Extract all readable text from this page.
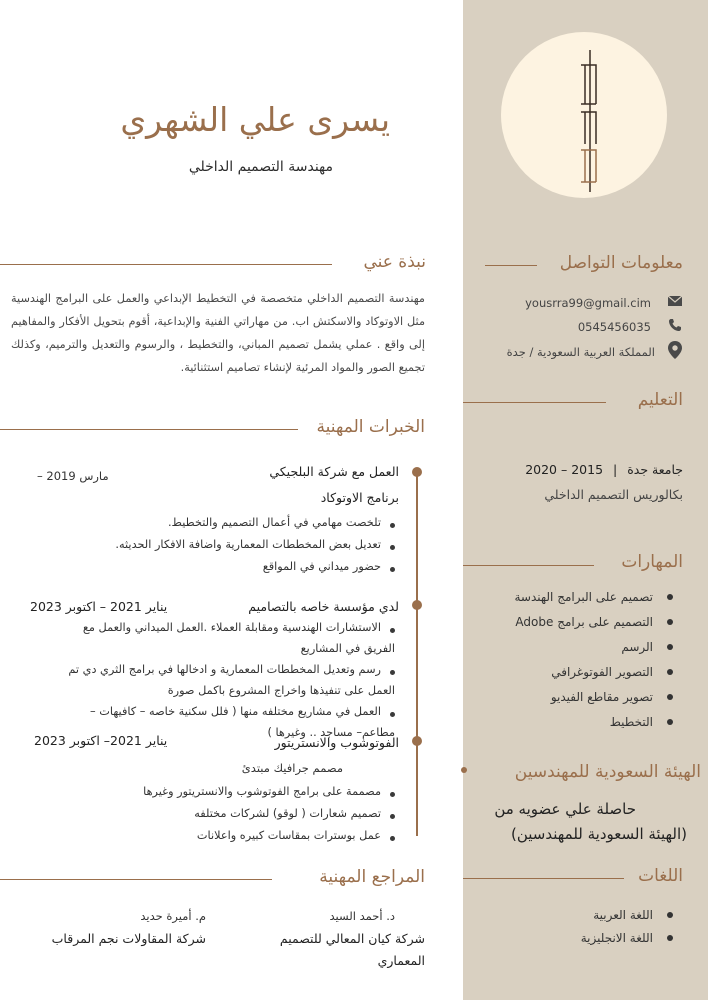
يسرى علي الشهري
مهندسة التصميم الداخلي
نبذة عني
مهندسة التصميم الداخلي متخصصة في التخطيط الإبداعي والعمل على البرامج الهندسية مثل الاوتوكاد والاسكتش اب. من مهاراتي الفنية والإبداعية، أقوم بتحويل الأفكار والمفاهيم إلى واقع . عملي يشمل تصميم المباني، والتخطيط ، والرسوم والتعديل والترميم، وكذلك تجميع الصور والمواد المرئية لإنشاء تصاميم استثنائية.
الخبرات المهنية
العمل مع شركة البلجيكي
مارس 2019 –
برنامج الاوتوكاد
تلخصت مهامي في أعمال التصميم والتخطيط.
تعديل بعض المخططات المعمارية واضافة الافكار الحديثه.
حضور ميداني في المواقع
لدي مؤسسة خاصه بالتصاميم
يناير 2021 – اكتوبر 2023
الاستشارات الهندسية ومقابلة العملاء .العمل الميداني والعمل مع
الفريق في المشاريع
رسم وتعديل المخططات المعمارية و ادخالها في برامج الثري دي تم
العمل على تنفيذها واخراج المشروع باكمل صورة
العمل في مشاريع مختلفه منها ( فلل سكنية خاصه – كافيهات –
مطاعم– مساجد .. وغيرها )
الفوتوشوب والانستريتور
يناير 2021– اكتوبر 2023
مصمم جرافيك مبتدئ
مصممة على برامج الفوتوشوب والانستريتور وغيرها
تصميم شعارات ( لوقو) لشركات مختلفه
عمل بوسترات بمقاسات كبيره واعلانات
المراجع المهنية
د. أحمد السيد
شركة كيان المعالي للتصميم
المعماري
م. أميرة حديد
شركة المقاولات نجم المرقاب
معلومات التواصل
yousrra99@gmail.cim
0545456035
المملكة العربية السعودية / جدة
التعليم
جامعة جدة | 2015 – 2020
بكالوريس التصميم الداخلي
المهارات
تصميم على البرامج الهندسة
التصميم على برامج Adobe
الرسم
التصوير الفوتوغرافي
تصوير مقاطع الفيديو
التخطيط
الهيئة السعودية للمهندسين
حاصلة علي عضويه من
(الهيئة السعودية للمهندسين)
اللغات
اللغة العربية
اللغة الانجليزية
